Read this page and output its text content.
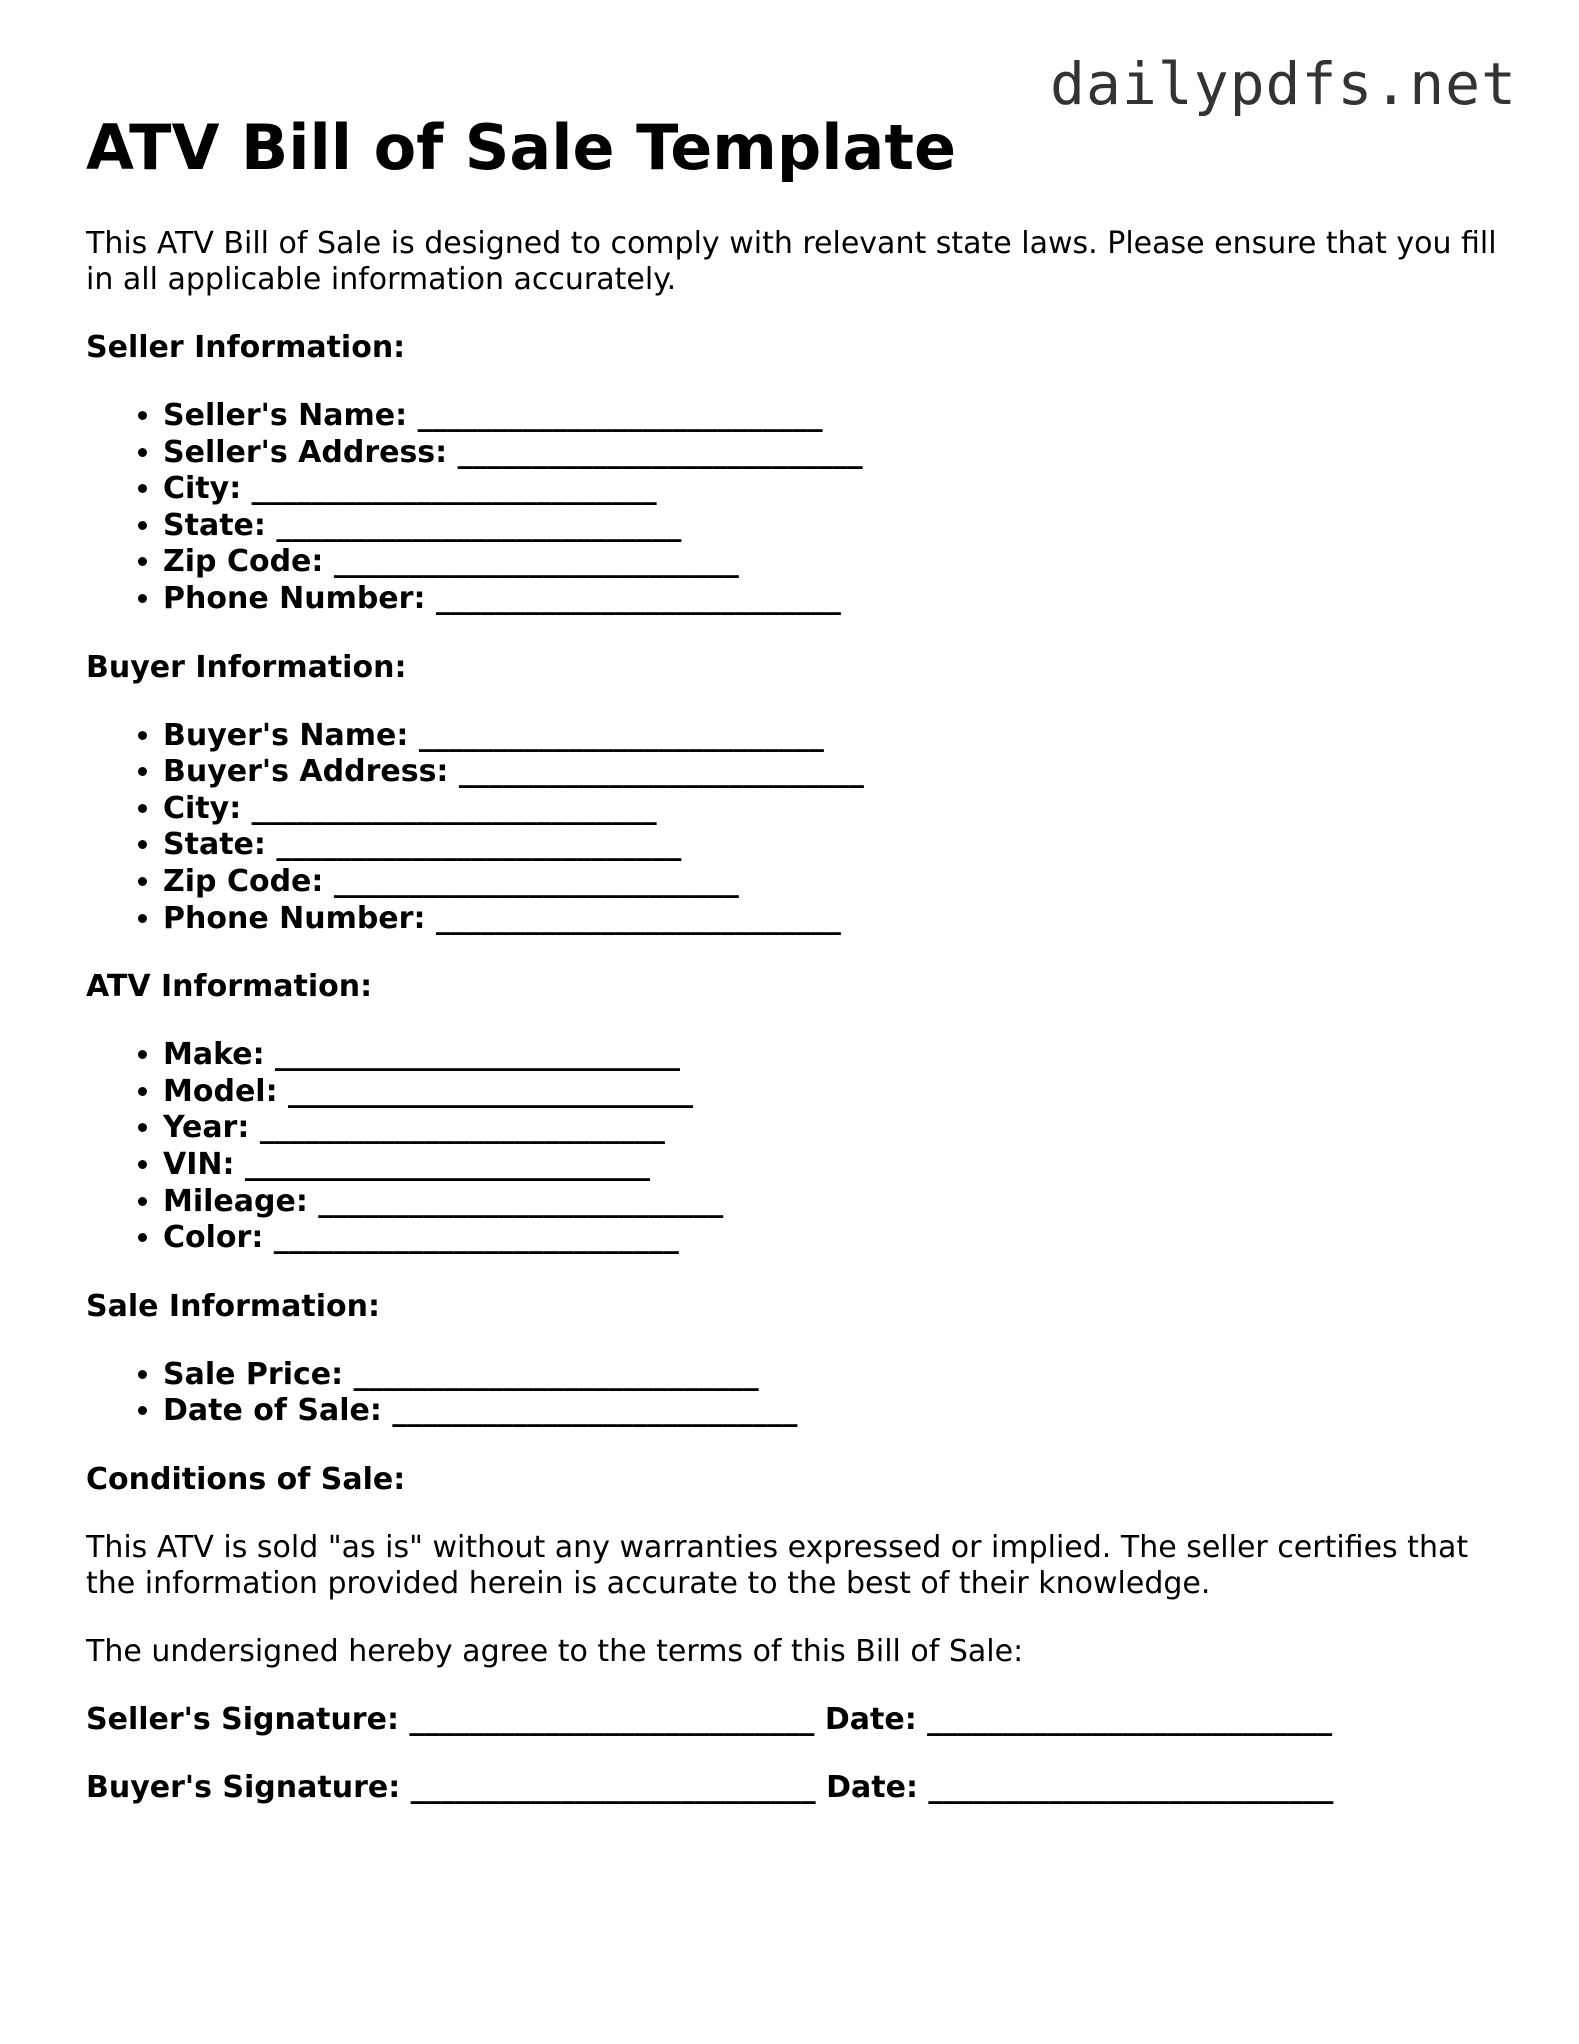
dailypdfs.net
ATV Bill of Sale Template

This ATV Bill of Sale is designed to comply with relevant state laws. Please ensure that you fill in all applicable information accurately.

Seller Information:
• Seller's Name: ___________________________
• Seller's Address: ___________________________
• City: ___________________________
• State: ___________________________
• Zip Code: ___________________________
• Phone Number: ___________________________
Buyer Information:
• Buyer's Name: ___________________________
• Buyer's Address: ___________________________
• City: ___________________________
• State: ___________________________
• Zip Code: ___________________________
• Phone Number: ___________________________
ATV Information:
• Make: ___________________________
• Model: ___________________________
• Year: ___________________________
• VIN: ___________________________
• Mileage: ___________________________
• Color: ___________________________
Sale Information:
• Sale Price: ___________________________
• Date of Sale: ___________________________
Conditions of Sale:

This ATV is sold "as is" without any warranties expressed or implied. The seller certifies that the information provided herein is accurate to the best of their knowledge.

The undersigned hereby agree to the terms of this Bill of Sale:

Seller's Signature: ___________________________ Date: ___________________________
Buyer's Signature: ___________________________ Date: ___________________________
